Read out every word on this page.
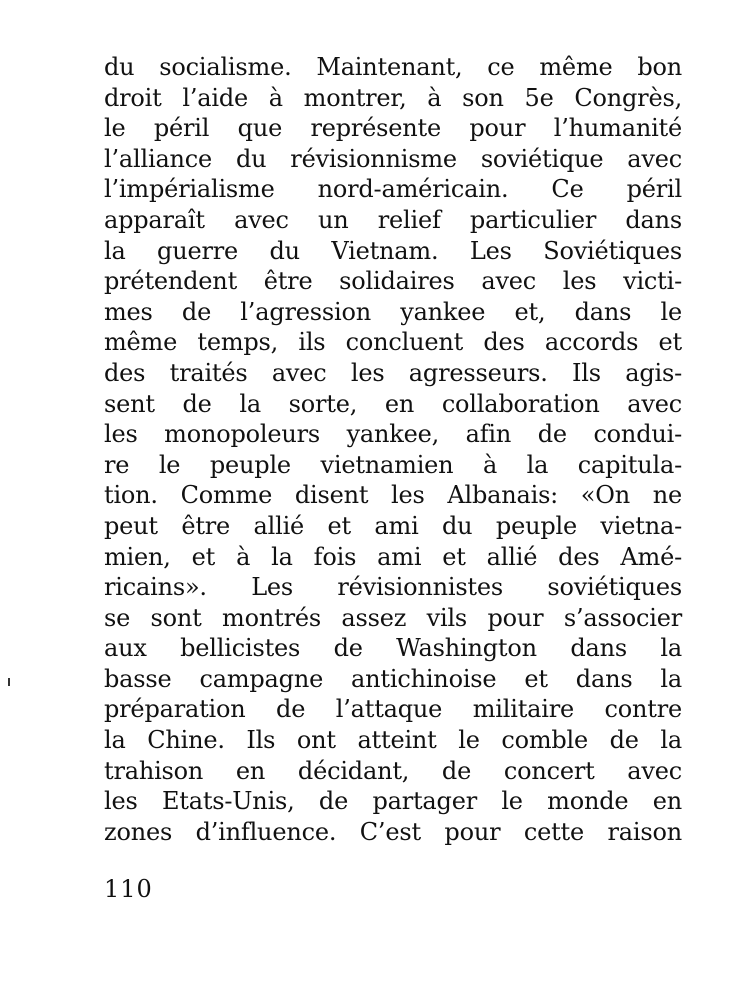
du socialisme. Maintenant, ce même bon
droit l’aide à montrer, à son 5e Congrès,
le péril que représente pour l’humanité
l’alliance du révisionnisme soviétique avec
l’impérialisme nord-américain. Ce péril
apparaît avec un relief particulier dans
la guerre du Vietnam. Les Soviétiques
prétendent être solidaires avec les victi-
mes de l’agression yankee et, dans le
même temps, ils concluent des accords et
des traités avec les agresseurs. Ils agis-
sent de la sorte, en collaboration avec
les monopoleurs yankee, afin de condui-
re le peuple vietnamien à la capitula-
tion. Comme disent les Albanais: «On ne
peut être allié et ami du peuple vietna-
mien, et à la fois ami et allié des Amé-
ricains». Les révisionnistes soviétiques
se sont montrés assez vils pour s’associer
aux bellicistes de Washington dans la
basse campagne antichinoise et dans la
préparation de l’attaque militaire contre
la Chine. Ils ont atteint le comble de la
trahison en décidant, de concert avec
les Etats-Unis, de partager le monde en
zones d’influence. C’est pour cette raison
110
